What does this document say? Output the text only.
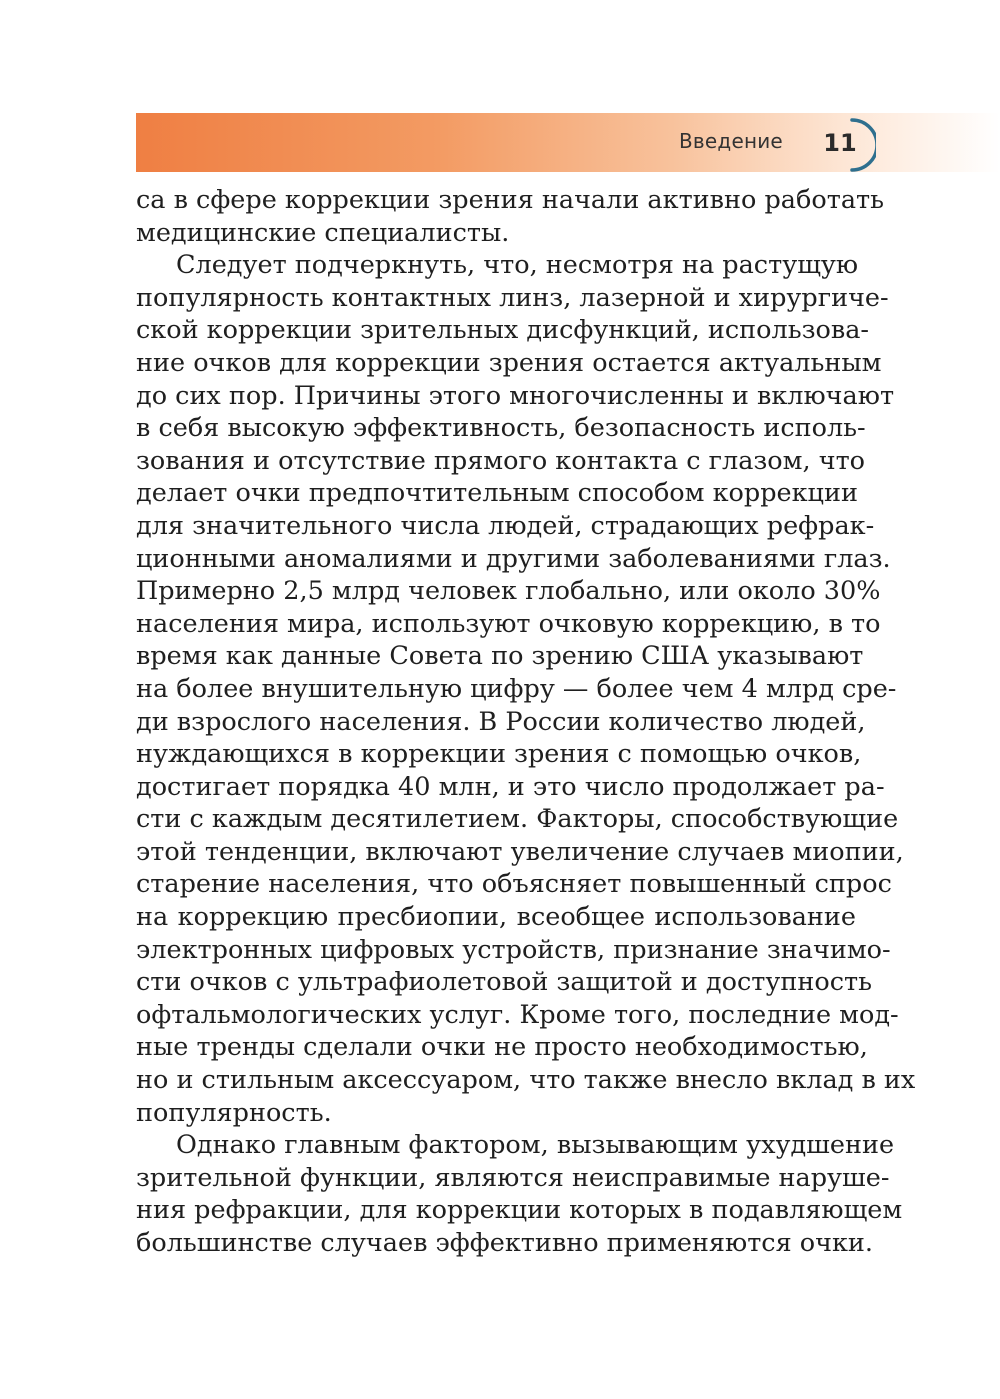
Введение	11
са в сфере коррекции зрения начали активно работать
медицинские специалисты.
Следует подчеркнуть, что, несмотря на растущую
популярность контактных линз, лазерной и хирургиче-
ской коррекции зрительных дисфункций, использова-
ние очков для коррекции зрения остается актуальным
до сих пор. Причины этого многочисленны и включают
в себя высокую эффективность, безопасность исполь-
зования и отсутствие прямого контакта с глазом, что
делает очки предпочтительным способом коррекции
для значительного числа людей, страдающих рефрак-
ционными аномалиями и другими заболеваниями глаз.
Примерно 2,5 млрд человек глобально, или около 30%
населения мира, используют очковую коррекцию, в то
время как данные Совета по зрению США указывают
на более внушительную цифру — более чем 4 млрд сре-
ди взрослого населения. В России количество людей,
нуждающихся в коррекции зрения с помощью очков,
достигает порядка 40 млн, и это число продолжает ра-
сти с каждым десятилетием. Факторы, способствующие
этой тенденции, включают увеличение случаев миопии,
старение населения, что объясняет повышенный спрос
на коррекцию пресбиопии, всеобщее использование
электронных цифровых устройств, признание значимо-
сти очков с ультрафиолетовой защитой и доступность
офтальмологических услуг. Кроме того, последние мод-
ные тренды сделали очки не просто необходимостью,
но и стильным аксессуаром, что также внесло вклад в их
популярность.
Однако главным фактором, вызывающим ухудшение
зрительной функции, являются неисправимые наруше-
ния рефракции, для коррекции которых в подавляющем
большинстве случаев эффективно применяются очки.
